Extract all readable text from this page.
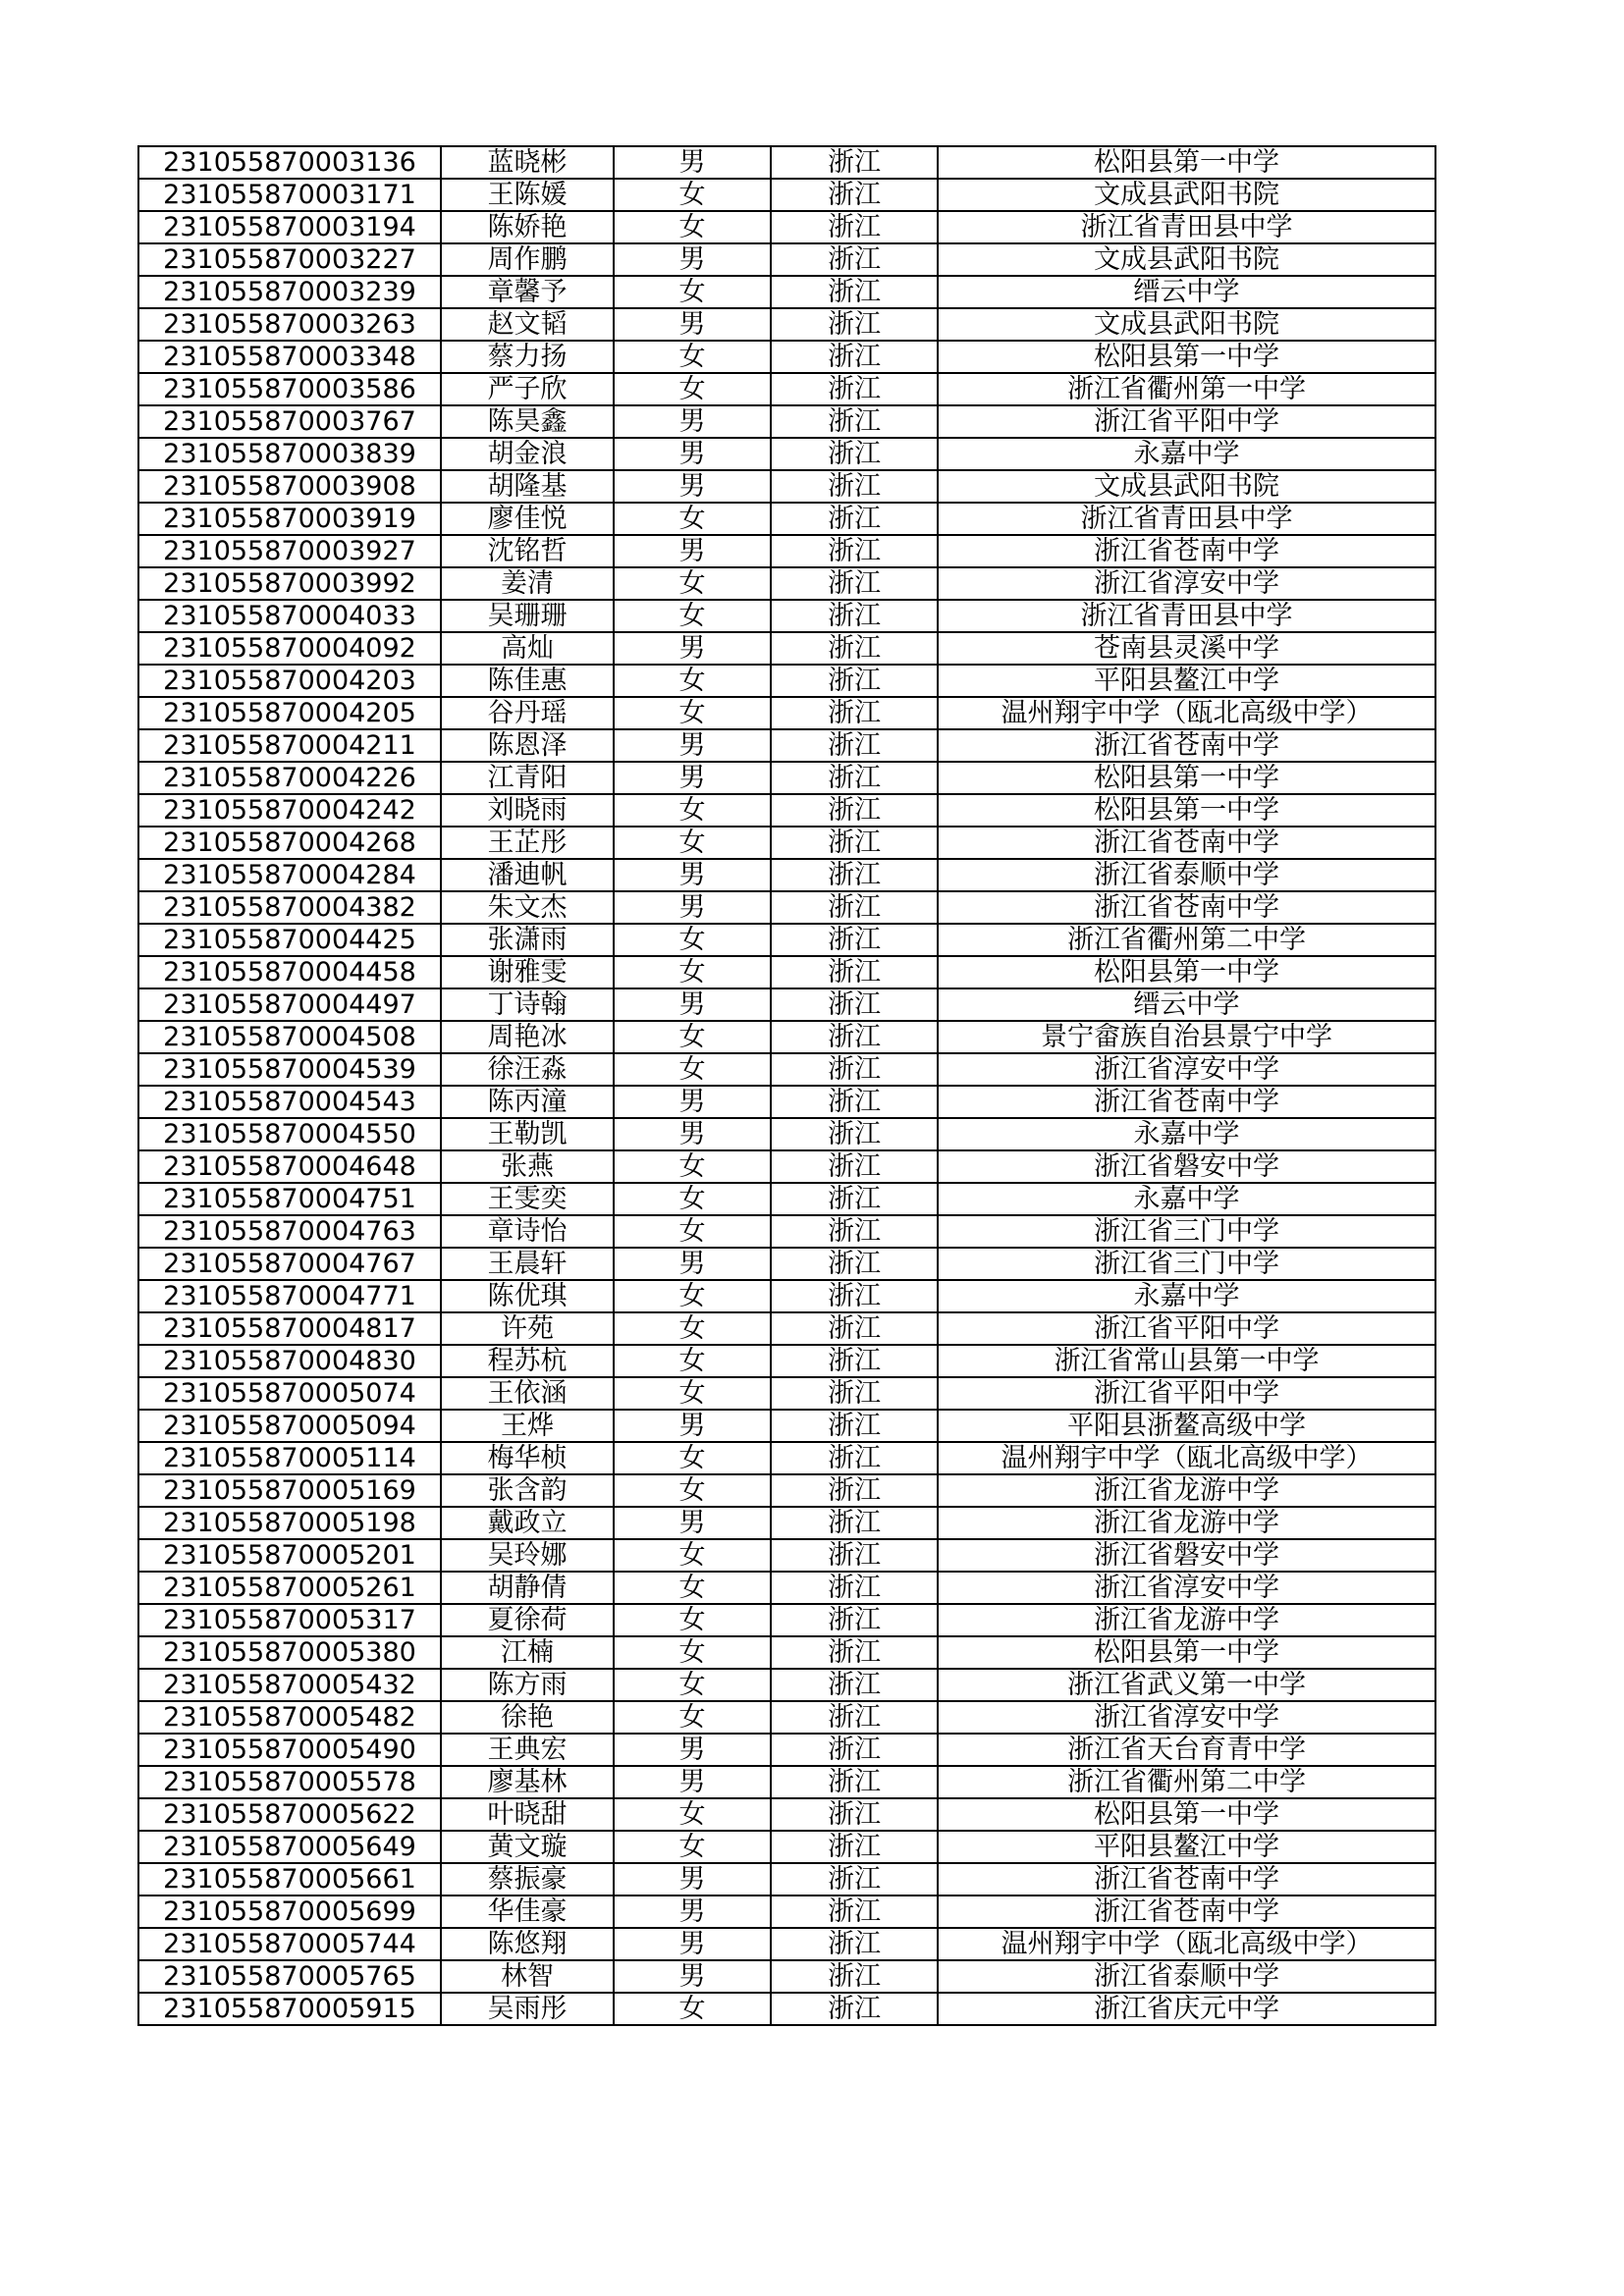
231055870003136	蓝晓彬	男	浙江	松阳县第一中学
231055870003171	王陈媛	女	浙江	文成县武阳书院
231055870003194	陈娇艳	女	浙江	浙江省青田县中学
231055870003227	周作鹏	男	浙江	文成县武阳书院
231055870003239	章馨予	女	浙江	缙云中学
231055870003263	赵文韬	男	浙江	文成县武阳书院
231055870003348	蔡力扬	女	浙江	松阳县第一中学
231055870003586	严子欣	女	浙江	浙江省衢州第一中学
231055870003767	陈昊鑫	男	浙江	浙江省平阳中学
231055870003839	胡金浪	男	浙江	永嘉中学
231055870003908	胡隆基	男	浙江	文成县武阳书院
231055870003919	廖佳悦	女	浙江	浙江省青田县中学
231055870003927	沈铭哲	男	浙江	浙江省苍南中学
231055870003992	姜清	女	浙江	浙江省淳安中学
231055870004033	吴珊珊	女	浙江	浙江省青田县中学
231055870004092	高灿	男	浙江	苍南县灵溪中学
231055870004203	陈佳惠	女	浙江	平阳县鳌江中学
231055870004205	谷丹瑶	女	浙江	温州翔宇中学（瓯北高级中学）
231055870004211	陈恩泽	男	浙江	浙江省苍南中学
231055870004226	江青阳	男	浙江	松阳县第一中学
231055870004242	刘晓雨	女	浙江	松阳县第一中学
231055870004268	王芷彤	女	浙江	浙江省苍南中学
231055870004284	潘迪帆	男	浙江	浙江省泰顺中学
231055870004382	朱文杰	男	浙江	浙江省苍南中学
231055870004425	张潇雨	女	浙江	浙江省衢州第二中学
231055870004458	谢雅雯	女	浙江	松阳县第一中学
231055870004497	丁诗翰	男	浙江	缙云中学
231055870004508	周艳冰	女	浙江	景宁畲族自治县景宁中学
231055870004539	徐汪淼	女	浙江	浙江省淳安中学
231055870004543	陈丙潼	男	浙江	浙江省苍南中学
231055870004550	王勒凯	男	浙江	永嘉中学
231055870004648	张燕	女	浙江	浙江省磐安中学
231055870004751	王雯奕	女	浙江	永嘉中学
231055870004763	章诗怡	女	浙江	浙江省三门中学
231055870004767	王晨轩	男	浙江	浙江省三门中学
231055870004771	陈优琪	女	浙江	永嘉中学
231055870004817	许苑	女	浙江	浙江省平阳中学
231055870004830	程苏杭	女	浙江	浙江省常山县第一中学
231055870005074	王依涵	女	浙江	浙江省平阳中学
231055870005094	王烨	男	浙江	平阳县浙鳌高级中学
231055870005114	梅华桢	女	浙江	温州翔宇中学（瓯北高级中学）
231055870005169	张含韵	女	浙江	浙江省龙游中学
231055870005198	戴政立	男	浙江	浙江省龙游中学
231055870005201	吴玲娜	女	浙江	浙江省磐安中学
231055870005261	胡静倩	女	浙江	浙江省淳安中学
231055870005317	夏徐荷	女	浙江	浙江省龙游中学
231055870005380	江楠	女	浙江	松阳县第一中学
231055870005432	陈方雨	女	浙江	浙江省武义第一中学
231055870005482	徐艳	女	浙江	浙江省淳安中学
231055870005490	王典宏	男	浙江	浙江省天台育青中学
231055870005578	廖基林	男	浙江	浙江省衢州第二中学
231055870005622	叶晓甜	女	浙江	松阳县第一中学
231055870005649	黄文璇	女	浙江	平阳县鳌江中学
231055870005661	蔡振豪	男	浙江	浙江省苍南中学
231055870005699	华佳豪	男	浙江	浙江省苍南中学
231055870005744	陈悠翔	男	浙江	温州翔宇中学（瓯北高级中学）
231055870005765	林智	男	浙江	浙江省泰顺中学
231055870005915	吴雨彤	女	浙江	浙江省庆元中学
